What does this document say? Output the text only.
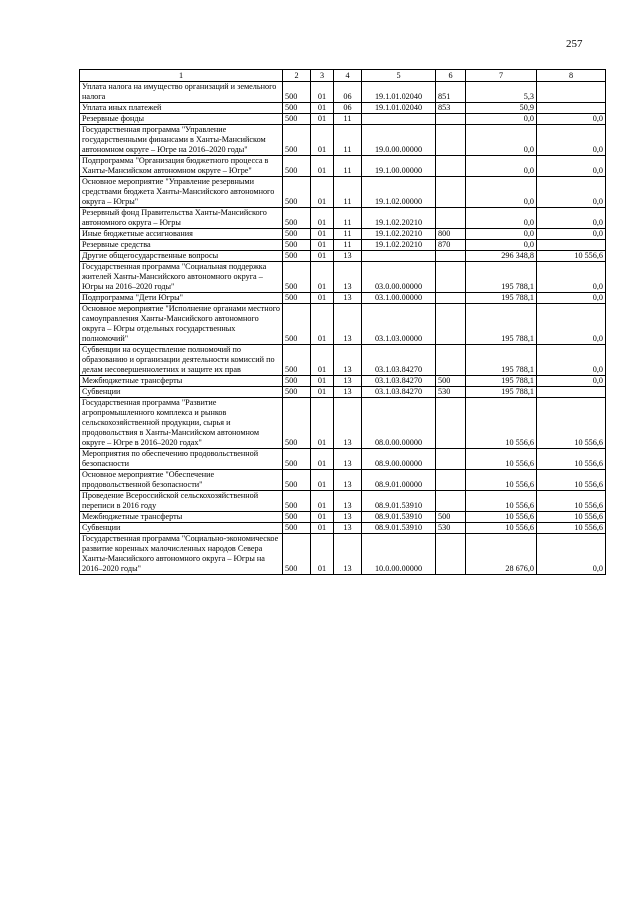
257
1	2	3	4	5	6	7	8
Уплата налога на имущество организаций и земельного налога	500	01	06	19.1.01.02040	851	5,3	
Уплата иных платежей	500	01	06	19.1.01.02040	853	50,9	
Резервные фонды	500	01	11			0,0	0,0
Государственная программа "Управление государственными финансами в Ханты-Мансийском автономном округе – Югре на 2016–2020 годы"	500	01	11	19.0.00.00000		0,0	0,0
Подпрограмма "Организация бюджетного процесса в Ханты-Мансийском автономном округе – Югре"	500	01	11	19.1.00.00000		0,0	0,0
Основное мероприятие "Управление резервными средствами бюджета Ханты-Мансийского автономного округа – Югры"	500	01	11	19.1.02.00000		0,0	0,0
Резервный фонд Правительства Ханты-Мансийского автономного округа – Югры	500	01	11	19.1.02.20210		0,0	0,0
Иные бюджетные ассигнования	500	01	11	19.1.02.20210	800	0,0	0,0
Резервные средства	500	01	11	19.1.02.20210	870	0,0	
Другие общегосударственные вопросы	500	01	13			296 348,8	10 556,6
Государственная программа "Социальная поддержка жителей Ханты-Мансийского автономного округа – Югры на 2016–2020 годы"	500	01	13	03.0.00.00000		195 788,1	0,0
Подпрограмма "Дети Югры"	500	01	13	03.1.00.00000		195 788,1	0,0
Основное мероприятие "Исполнение органами местного самоуправления Ханты-Мансийского автономного округа – Югры отдельных государственных полномочий"	500	01	13	03.1.03.00000		195 788,1	0,0
Субвенции на осуществление полномочий по образованию и организации деятельности комиссий по делам несовершеннолетних и защите их прав	500	01	13	03.1.03.84270		195 788,1	0,0
Межбюджетные трансферты	500	01	13	03.1.03.84270	500	195 788,1	0,0
Субвенции	500	01	13	03.1.03.84270	530	195 788,1	
Государственная программа "Развитие агропромышленного комплекса и рынков сельскохозяйственной продукции, сырья и продовольствия в Ханты-Мансийском автономном округе – Югре в 2016–2020 годах"	500	01	13	08.0.00.00000		10 556,6	10 556,6
Мероприятия по обеспечению продовольственной безопасности	500	01	13	08.9.00.00000		10 556,6	10 556,6
Основное мероприятие "Обеспечение продовольственной безопасности"	500	01	13	08.9.01.00000		10 556,6	10 556,6
Проведение Всероссийской сельскохозяйственной переписи в 2016 году	500	01	13	08.9.01.53910		10 556,6	10 556,6
Межбюджетные трансферты	500	01	13	08.9.01.53910	500	10 556,6	10 556,6
Субвенции	500	01	13	08.9.01.53910	530	10 556,6	10 556,6
Государственная программа "Социально-экономическое развитие коренных малочисленных народов Севера Ханты-Мансийского автономного округа – Югры на 2016–2020 годы"	500	01	13	10.0.00.00000		28 676,0	0,0
